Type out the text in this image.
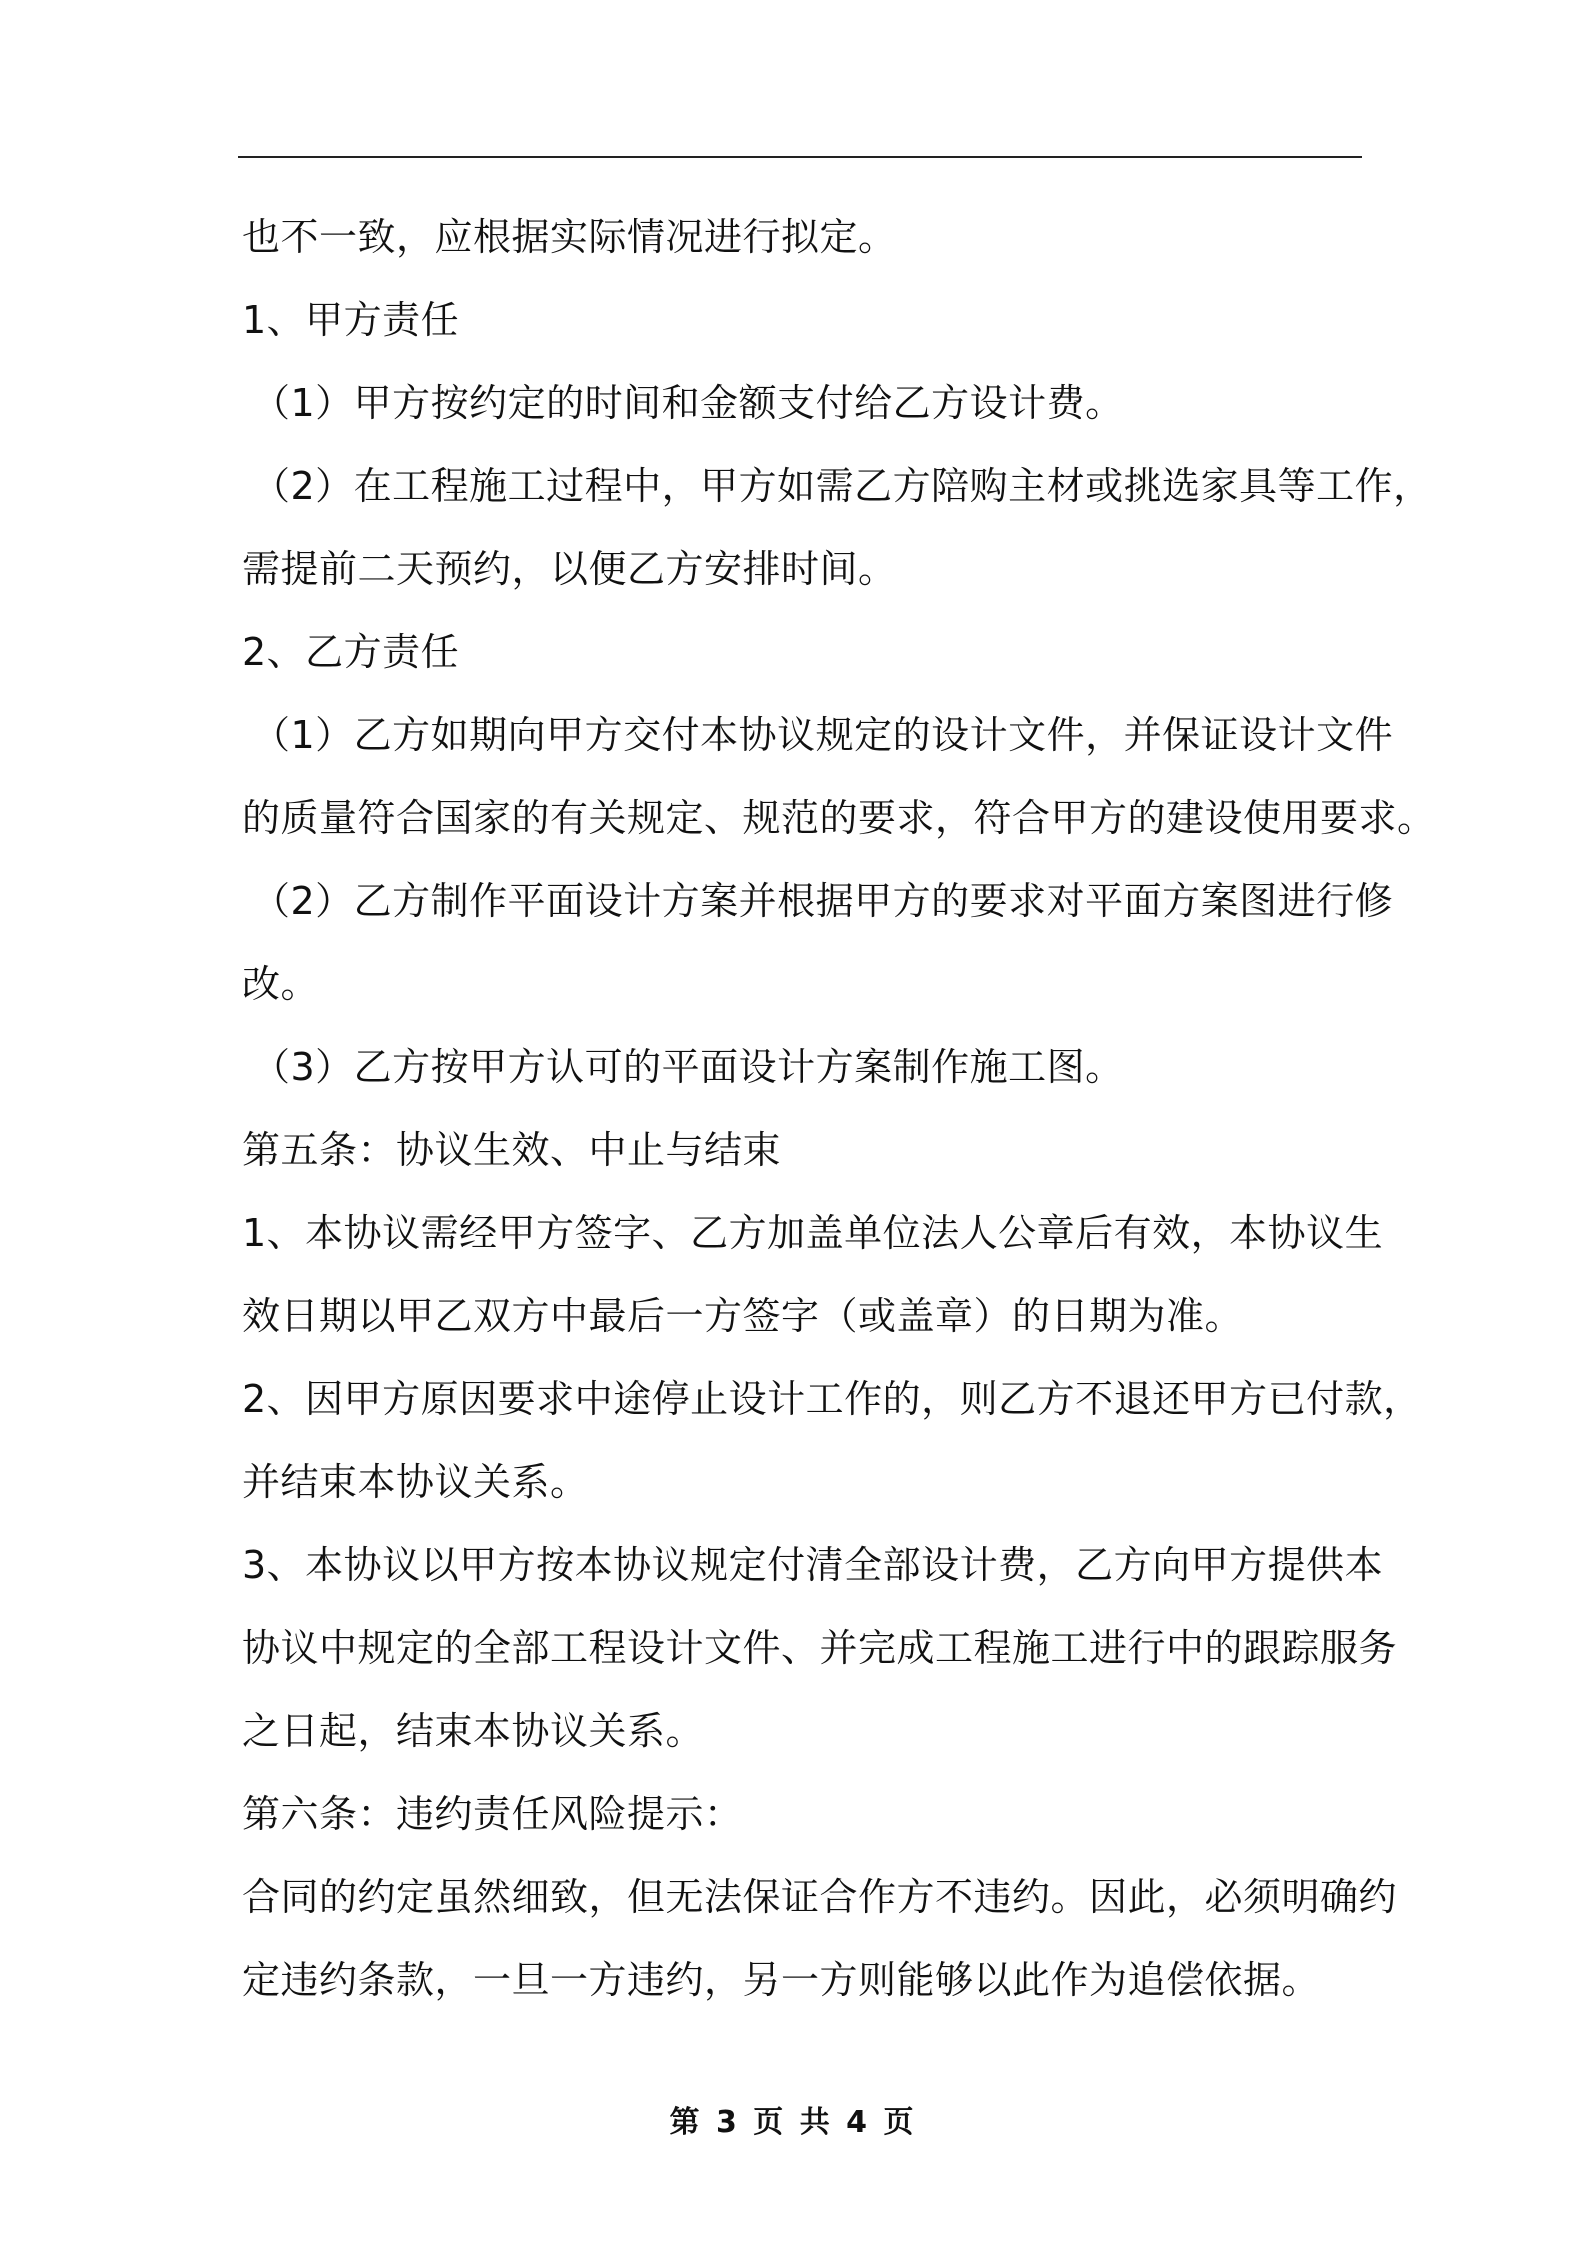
也不一致，应根据实际情况进行拟定。
1、甲方责任
（1）甲方按约定的时间和金额支付给乙方设计费。
（2）在工程施工过程中，甲方如需乙方陪购主材或挑选家具等工作，
需提前二天预约，以便乙方安排时间。
2、乙方责任
（1）乙方如期向甲方交付本协议规定的设计文件，并保证设计文件
的质量符合国家的有关规定、规范的要求，符合甲方的建设使用要求。
（2）乙方制作平面设计方案并根据甲方的要求对平面方案图进行修
改。
（3）乙方按甲方认可的平面设计方案制作施工图。
第五条：协议生效、中止与结束
1、本协议需经甲方签字、乙方加盖单位法人公章后有效，本协议生
效日期以甲乙双方中最后一方签字（或盖章）的日期为准。
2、因甲方原因要求中途停止设计工作的，则乙方不退还甲方已付款，
并结束本协议关系。
3、本协议以甲方按本协议规定付清全部设计费，乙方向甲方提供本
协议中规定的全部工程设计文件、并完成工程施工进行中的跟踪服务
之日起，结束本协议关系。
第六条：违约责任风险提示：
合同的约定虽然细致，但无法保证合作方不违约。因此，必须明确约
定违约条款，一旦一方违约，另一方则能够以此作为追偿依据。
第 3 页 共 4 页
